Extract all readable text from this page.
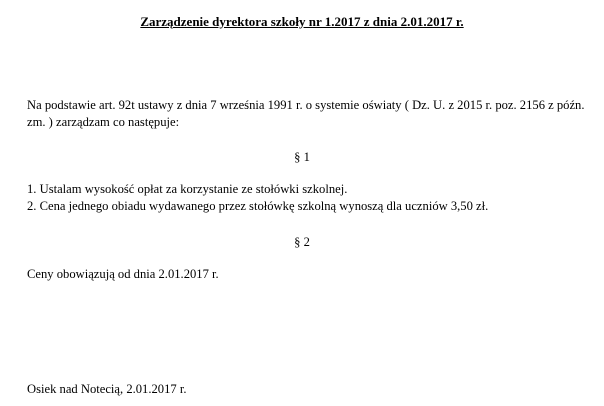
Zarządzenie dyrektora szkoły nr 1.2017 z dnia 2.01.2017 r.
Na podstawie art. 92t ustawy z dnia 7 września 1991 r. o systemie oświaty ( Dz. U. z 2015 r. poz. 2156 z późn. zm. ) zarządzam co następuje:
§ 1
1. Ustalam wysokość opłat za korzystanie ze stołówki szkolnej.
2. Cena jednego obiadu wydawanego przez stołówkę szkolną wynoszą dla uczniów 3,50 zł.
§ 2
Ceny obowiązują od dnia 2.01.2017 r.
Osiek nad Notecią, 2.01.2017 r.
